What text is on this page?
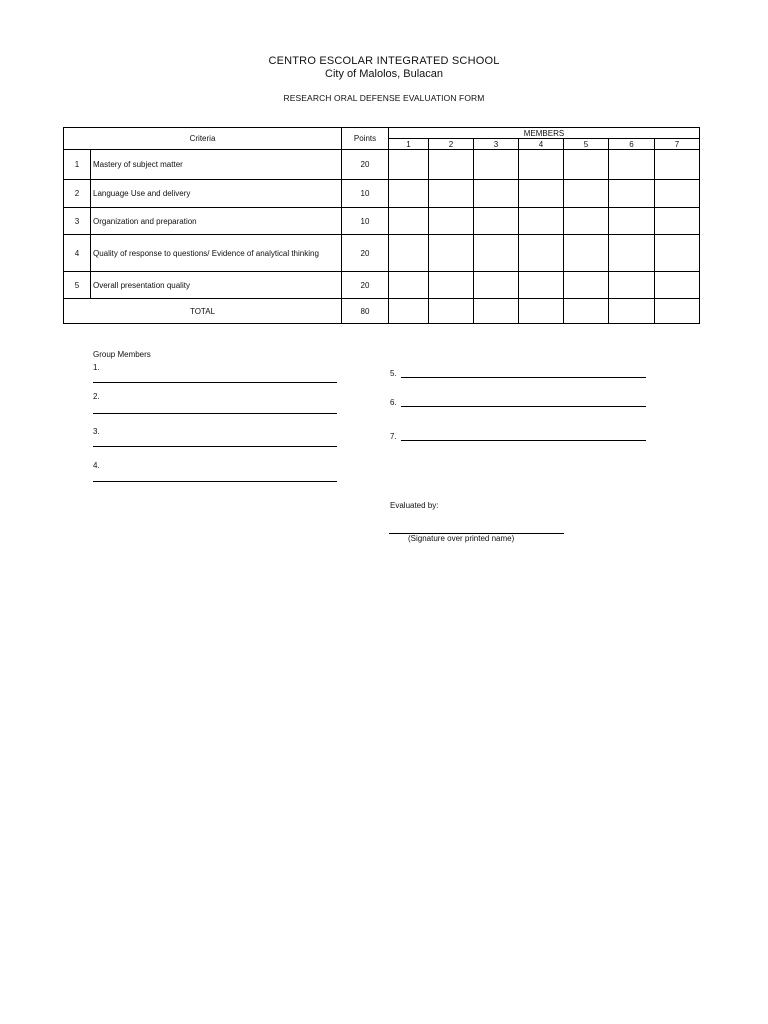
CENTRO ESCOLAR INTEGRATED SCHOOL
City of Malolos, Bulacan
RESEARCH ORAL DEFENSE EVALUATION FORM
Criteria		Points	MEMBERS						
			1	2	3	4	5	6	7
1	Mastery of subject matter	20							
2	Language Use and delivery	10							
3	Organization and preparation	10							
4	Quality of response to questions/ Evidence of analytical thinking	20							
5	Overall presentation quality	20							
TOTAL		80							
Group Members
1.
2.
3.
4.
5.
6.
7.
Evaluated by:
(Signature over printed name)
